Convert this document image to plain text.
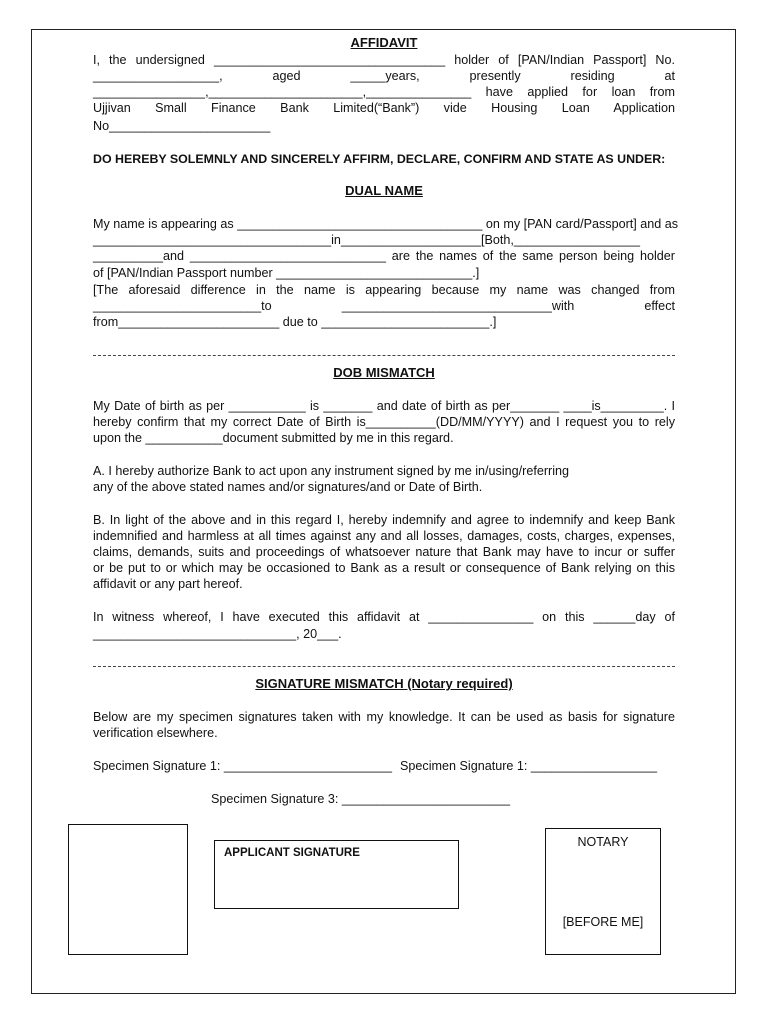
AFFIDAVIT
I, the undersigned _________________________________ holder of [PAN/Indian Passport] No.
__________________, aged _____years, presently residing at
________________,______________________,_______________ have applied for loan from
Ujjivan Small Finance Bank Limited(“Bank”) vide Housing Loan Application
No_______________________
DO HEREBY SOLEMNLY AND SINCERELY AFFIRM, DECLARE, CONFIRM AND STATE AS UNDER:
DUAL NAME
My name is appearing as ___________________________________ on my [PAN card/Passport] and as
__________________________________in____________________[Both,__________________
__________and ____________________________ are the names of the same person being holder
of [PAN/Indian Passport number ____________________________.]
[The aforesaid difference in the name is appearing because my name was changed from
________________________to ______________________________with effect
from_______________________ due to ________________________.]
DOB MISMATCH
My Date of birth as per ___________ is _______ and date of birth as per_______ ____is_________. I
hereby confirm that my correct Date of Birth is__________(DD/MM/YYYY) and I request you to rely
upon the ___________document submitted by me in this regard.
A. I hereby authorize Bank to act upon any instrument signed by me in/using/referring
any of the above stated names and/or signatures/and or Date of Birth.
B. In light of the above and in this regard I, hereby indemnify and agree to indemnify and keep Bank
indemnified and harmless at all times against any and all losses, damages, costs, charges, expenses,
claims, demands, suits and proceedings of whatsoever nature that Bank may have to incur or suffer
or be put to or which may be occasioned to Bank as a result or consequence of Bank relying on this
affidavit or any part hereof.
In witness whereof, I have executed this affidavit at _______________ on this ______day of
_____________________________, 20___.
SIGNATURE MISMATCH (Notary required)
Below are my specimen signatures taken with my knowledge. It can be used as basis for signature
verification elsewhere.
Specimen Signature 1: ________________________ Specimen Signature 1: __________________
Specimen Signature 3: ________________________
APPLICANT SIGNATURE
NOTARY
[BEFORE ME]
